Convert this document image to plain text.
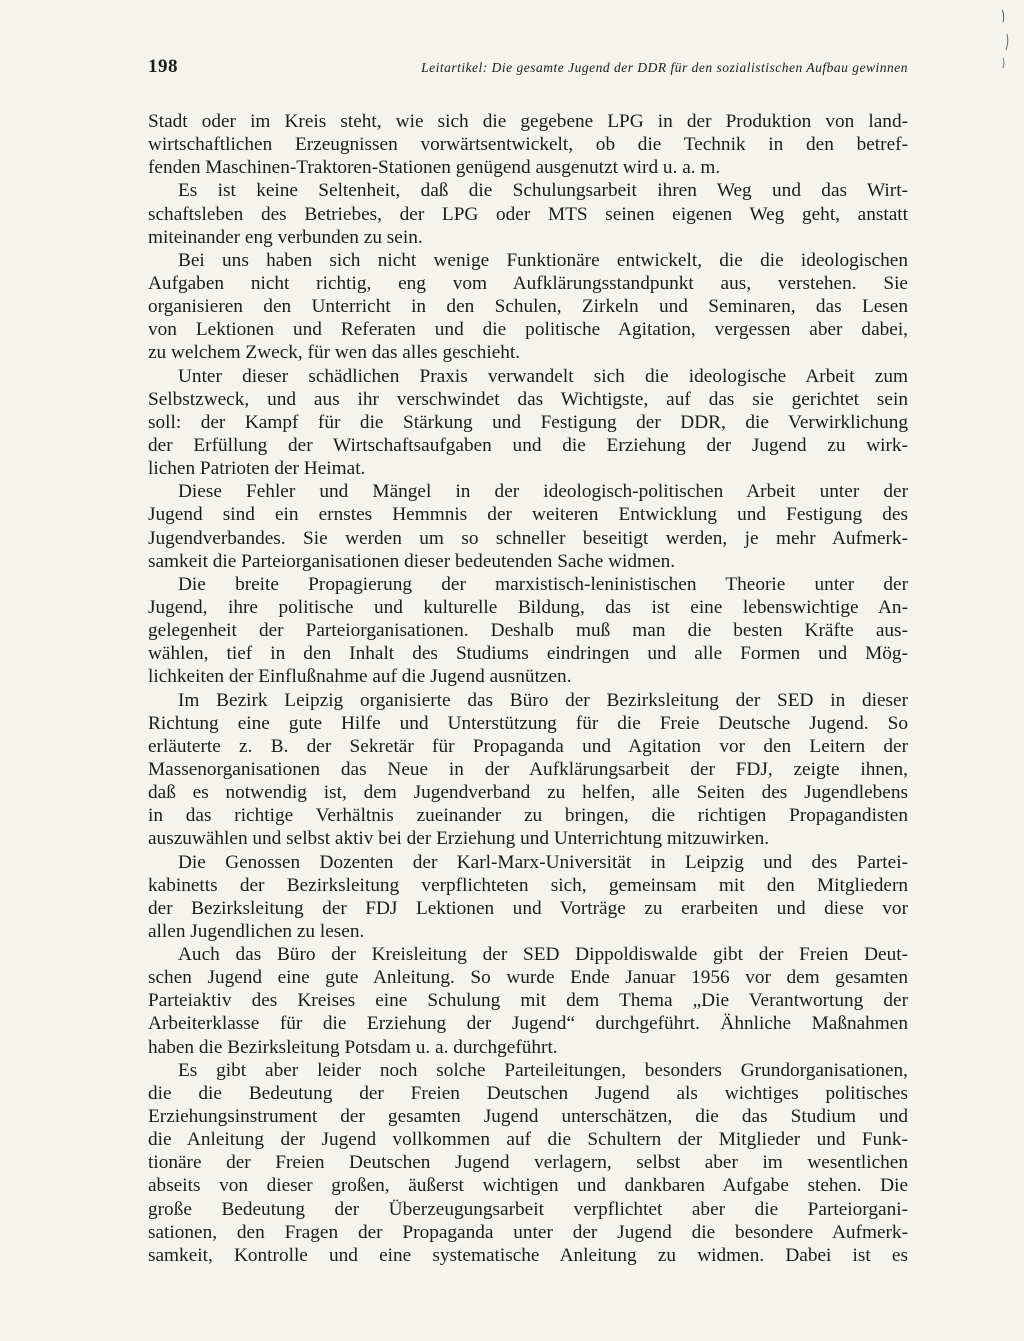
198	Leitartikel: Die gesamte Jugend der DDR für den sozialistischen Aufbau gewinnen
Stadt oder im Kreis steht, wie sich die gegebene LPG in der Produktion von land-
wirtschaftlichen Erzeugnissen vorwärtsentwickelt, ob die Technik in den betref-
fenden Maschinen-Traktoren-Stationen genügend ausgenutzt wird u. a. m.
Es ist keine Seltenheit, daß die Schulungsarbeit ihren Weg und das Wirt-
schaftsleben des Betriebes, der LPG oder MTS seinen eigenen Weg geht, anstatt
miteinander eng verbunden zu sein.
Bei uns haben sich nicht wenige Funktionäre entwickelt, die die ideologischen
Aufgaben nicht richtig, eng vom Aufklärungsstandpunkt aus, verstehen. Sie
organisieren den Unterricht in den Schulen, Zirkeln und Seminaren, das Lesen
von Lektionen und Referaten und die politische Agitation, vergessen aber dabei,
zu welchem Zweck, für wen das alles geschieht.
Unter dieser schädlichen Praxis verwandelt sich die ideologische Arbeit zum
Selbstzweck, und aus ihr verschwindet das Wichtigste, auf das sie gerichtet sein
soll: der Kampf für die Stärkung und Festigung der DDR, die Verwirklichung
der Erfüllung der Wirtschaftsaufgaben und die Erziehung der Jugend zu wirk-
lichen Patrioten der Heimat.
Diese Fehler und Mängel in der ideologisch-politischen Arbeit unter der
Jugend sind ein ernstes Hemmnis der weiteren Entwicklung und Festigung des
Jugendverbandes. Sie werden um so schneller beseitigt werden, je mehr Aufmerk-
samkeit die Parteiorganisationen dieser bedeutenden Sache widmen.
Die breite Propagierung der marxistisch-leninistischen Theorie unter der
Jugend, ihre politische und kulturelle Bildung, das ist eine lebenswichtige An-
gelegenheit der Parteiorganisationen. Deshalb muß man die besten Kräfte aus-
wählen, tief in den Inhalt des Studiums eindringen und alle Formen und Mög-
lichkeiten der Einflußnahme auf die Jugend ausnützen.
Im Bezirk Leipzig organisierte das Büro der Bezirksleitung der SED in dieser
Richtung eine gute Hilfe und Unterstützung für die Freie Deutsche Jugend. So
erläuterte z. B. der Sekretär für Propaganda und Agitation vor den Leitern der
Massenorganisationen das Neue in der Aufklärungsarbeit der FDJ, zeigte ihnen,
daß es notwendig ist, dem Jugendverband zu helfen, alle Seiten des Jugendlebens
in das richtige Verhältnis zueinander zu bringen, die richtigen Propagandisten
auszuwählen und selbst aktiv bei der Erziehung und Unterrichtung mitzuwirken.
Die Genossen Dozenten der Karl-Marx-Universität in Leipzig und des Partei-
kabinetts der Bezirksleitung verpflichteten sich, gemeinsam mit den Mitgliedern
der Bezirksleitung der FDJ Lektionen und Vorträge zu erarbeiten und diese vor
allen Jugendlichen zu lesen.
Auch das Büro der Kreisleitung der SED Dippoldiswalde gibt der Freien Deut-
schen Jugend eine gute Anleitung. So wurde Ende Januar 1956 vor dem gesamten
Parteiaktiv des Kreises eine Schulung mit dem Thema „Die Verantwortung der
Arbeiterklasse für die Erziehung der Jugend“ durchgeführt. Ähnliche Maßnahmen
haben die Bezirksleitung Potsdam u. a. durchgeführt.
Es gibt aber leider noch solche Parteileitungen, besonders Grundorganisationen,
die die Bedeutung der Freien Deutschen Jugend als wichtiges politisches
Erziehungsinstrument der gesamten Jugend unterschätzen, die das Studium und
die Anleitung der Jugend vollkommen auf die Schultern der Mitglieder und Funk-
tionäre der Freien Deutschen Jugend verlagern, selbst aber im wesentlichen
abseits von dieser großen, äußerst wichtigen und dankbaren Aufgabe stehen. Die
große Bedeutung der Überzeugungsarbeit verpflichtet aber die Parteiorgani-
sationen, den Fragen der Propaganda unter der Jugend die besondere Aufmerk-
samkeit, Kontrolle und eine systematische Anleitung zu widmen. Dabei ist es
